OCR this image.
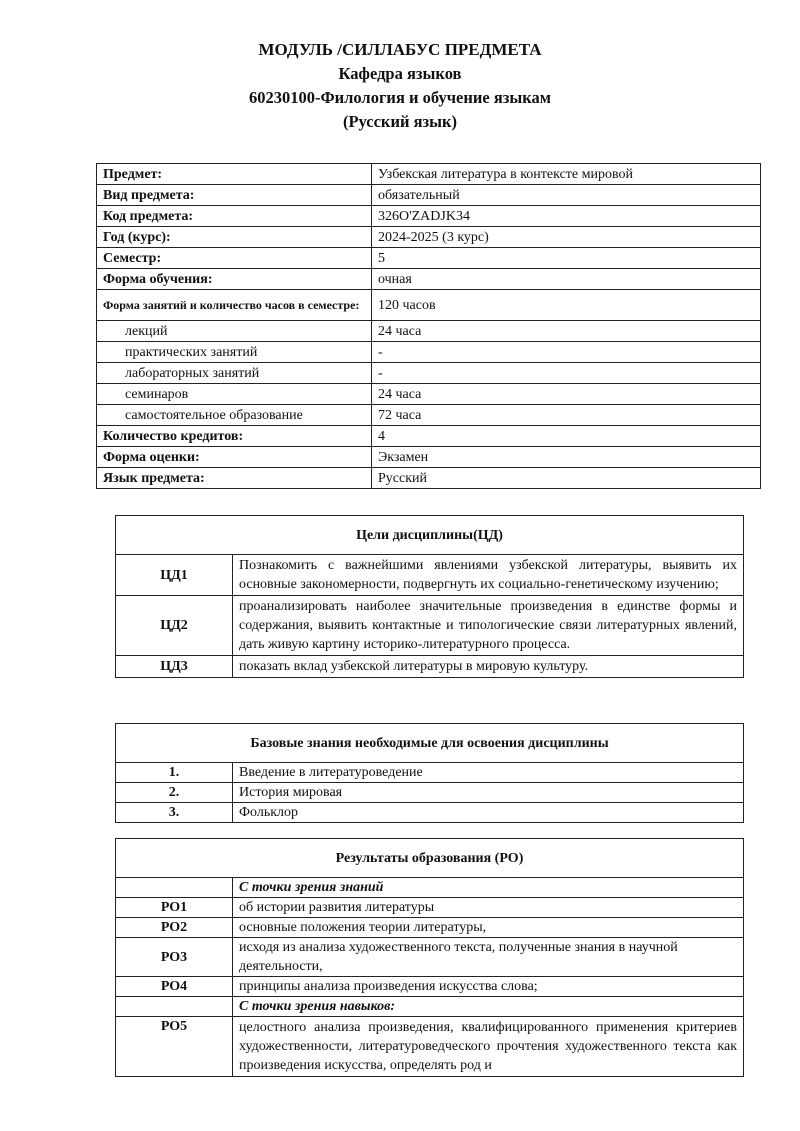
МОДУЛЬ /СИЛЛАБУС ПРЕДМЕТА
Кафедра языков
60230100-Филология и обучение языкам
(Русский язык)
Предмет:	Узбекская литература в контексте мировой
Вид предмета:	обязательный
Код предмета:	326O'ZADJK34
Год (курс):	2024-2025 (3 курс)
Семестр:	5
Форма обучения:	очная
Форма занятий и количество часов в семестре:	120 часов
лекций	24 часа
практических занятий	-
лабораторных занятий	-
семинаров	24 часа
самостоятельное образование	72 часа
Количество кредитов:	4
Форма оценки:	Экзамен
Язык предмета:	Русский
Цели дисциплины(ЦД)	
ЦД1	Познакомить с важнейшими явлениями узбекской литературы, выявить их основные закономерности, подвергнуть их социально-генетическому изучению;
ЦД2	проанализировать наиболее значительные произведения в единстве формы и содержания, выявить контактные и типологические связи литературных явлений, дать живую картину историко-литературного процесса.
ЦД3	показать вклад узбекской литературы в мировую культуру.
Базовые знания необходимые для освоения дисциплины	
1.	Введение в литературоведение
2.	История мировая
3.	Фольклор
Результаты образования (РО)	
	С точки зрения знаний
РО1	об истории развития литературы
РО2	основные положения теории литературы,
РО3	исходя из анализа художественного текста, полученные знания в научной деятельности,
РО4	принципы анализа произведения искусства слова;
	С точки зрения навыков:
РО5	целостного анализа произведения, квалифицированного применения критериев художественности, литературоведческого прочтения художественного текста как произведения искусства, определять род и
